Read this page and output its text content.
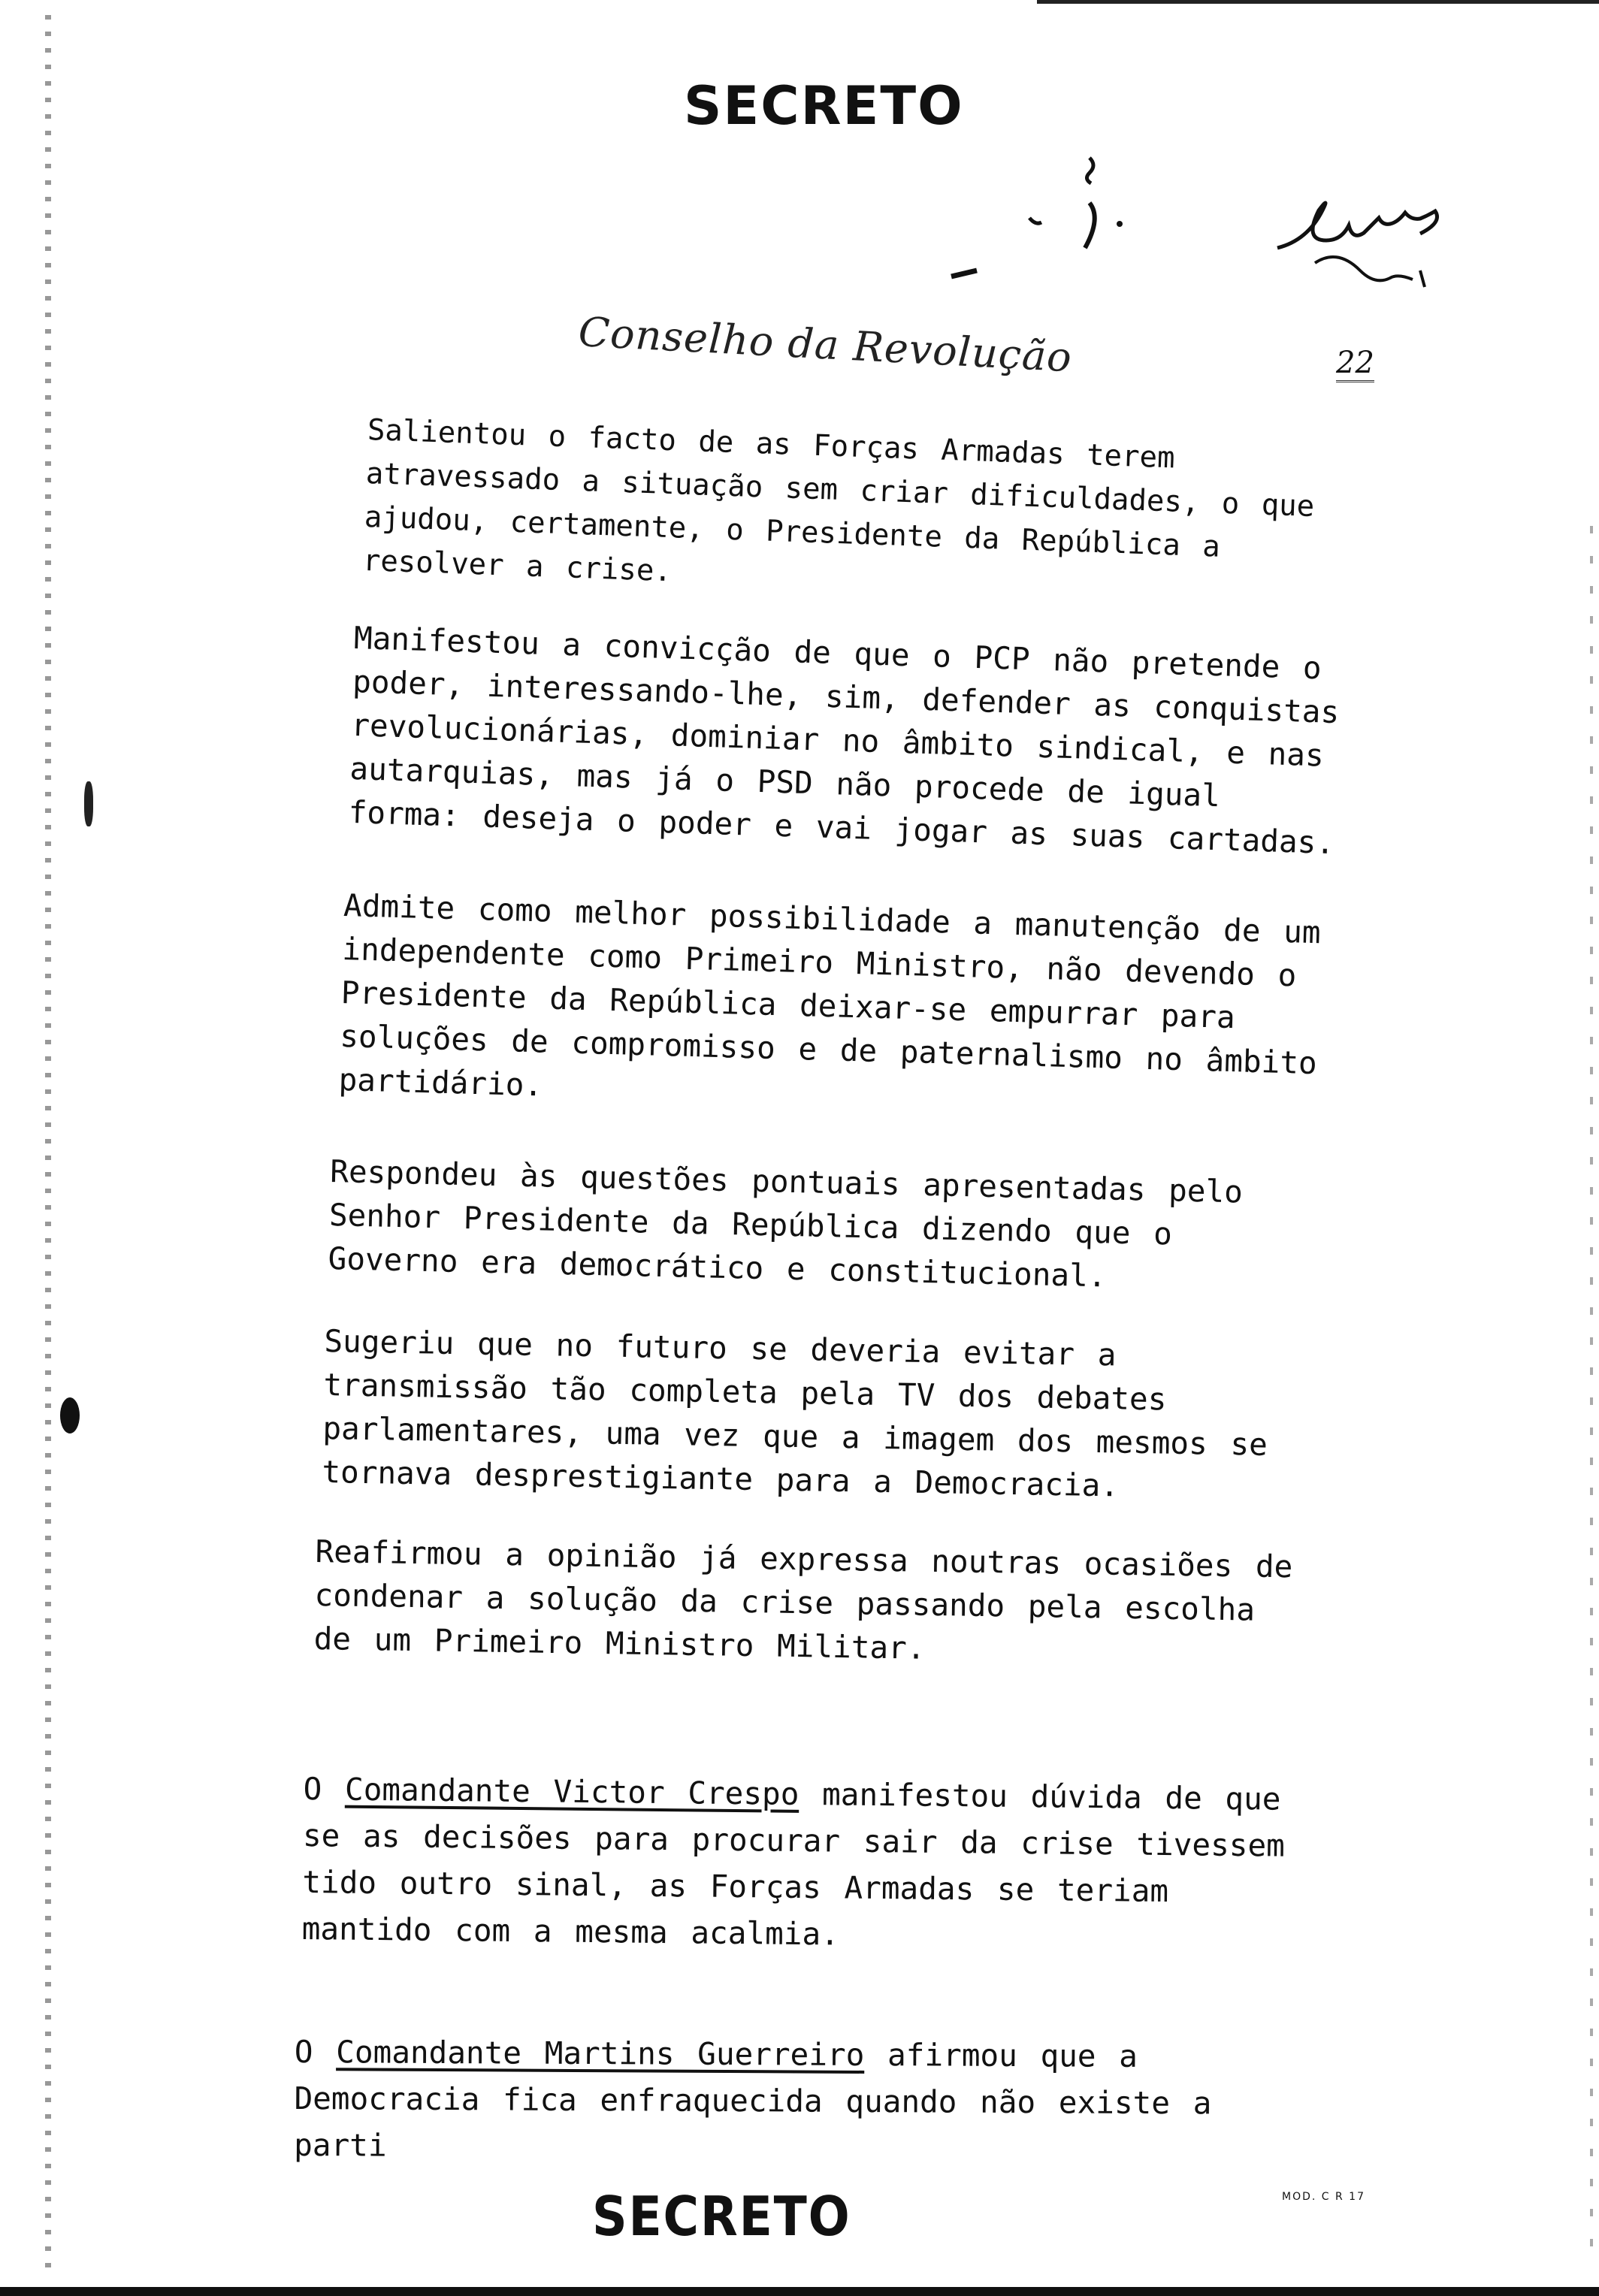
SECRETO
Conselho da Revolução	22

Salientou o facto de as Forças Armadas terem atravessado a situação sem criar dificuldades, o que ajudou, certamente, o Presidente da República a resolver a crise.

Manifestou a convicção de que o PCP não pretende o poder, interessando-lhe, sim, defender as conquistas revolucionárias, dominiar no âmbito sindical, e nas autarquias, mas já o PSD não procede de igual forma: deseja o poder e vai jogar as suas cartadas.

Admite como melhor possibilidade a manutenção de um independente como Primeiro Ministro, não devendo o Presidente da República deixar-se empurrar para soluções de compromisso e de paternalismo no âmbito partidário.

Respondeu às questões pontuais apresentadas pelo Senhor Presidente da República dizendo que o Governo era democrático e constitucional.

Sugeriu que no futuro se deveria evitar a transmissão tão completa pela TV dos debates parlamentares, uma vez que a imagem dos mesmos se tornava desprestigiante para a Democracia.

Reafirmou a opinião já expressa noutras ocasiões de condenar a solução da crise passando pela escolha de um Primeiro Ministro Militar.

O Comandante Victor Crespo manifestou dúvida de que se as decisões para procurar sair da crise tivessem tido outro sinal, as Forças Armadas se teriam mantido com a mesma acalmia.

O Comandante Martins Guerreiro afirmou que a Democracia fica enfraquecida quando não existe a parti

SECRETO	MOD. C R 17
